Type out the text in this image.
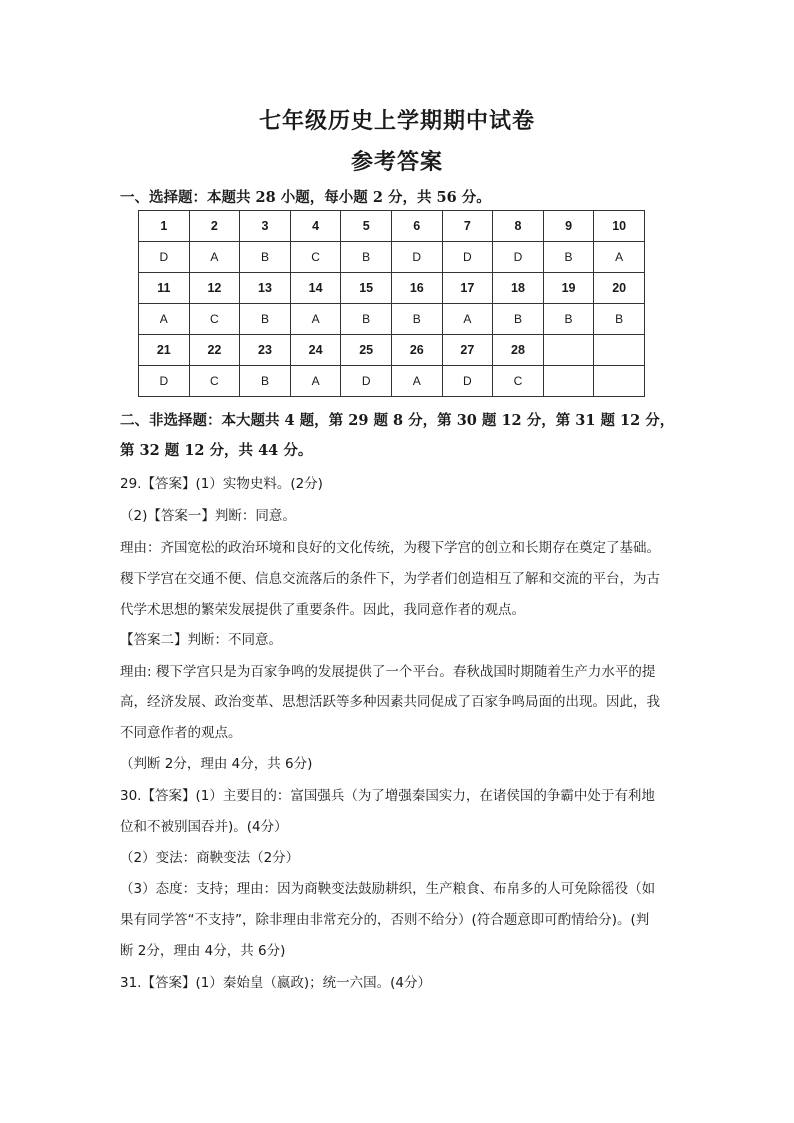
七年级历史上学期期中试卷
参考答案
一、选择题：本题共 28 小题，每小题 2 分，共 56 分。
1	2	3	4	5	6	7	8	9	10
D	A	B	C	B	D	D	D	B	A
11	12	13	14	15	16	17	18	19	20
A	C	B	A	B	B	A	B	B	B
21	22	23	24	25	26	27	28		
D	C	B	A	D	A	D	C		
二、非选择题：本大题共 4 题，第 29 题 8 分，第 30 题 12 分，第 31 题 12 分，
第 32 题 12 分，共 44 分。
29.【答案】(1）实物史料。(2分)
（2)【答案一】判断：同意。
理由：齐国宽松的政治环境和良好的文化传统，为稷下学宫的创立和长期存在奠定了基础。
稷下学宫在交通不便、信息交流落后的条件下，为学者们创造相互了解和交流的平台，为古
代学术思想的繁荣发展提供了重要条件。因此，我同意作者的观点。
【答案二】判断：不同意。
理由: 稷下学宫只是为百家争鸣的发展提供了一个平台。春秋战国时期随着生产力水平的提
高，经济发展、政治变革、思想活跃等多种因素共同促成了百家争鸣局面的出现。因此，我
不同意作者的观点。
（判断 2分，理由 4分，共 6分)
30.【答案】(1）主要目的：富国强兵（为了增强秦国实力，在诸侯国的争霸中处于有利地
位和不被别国吞并)。(4分）
（2）变法：商鞅变法（2分）
（3）态度：支持；理由：因为商鞅变法鼓励耕织，生产粮食、布帛多的人可免除徭役（如
果有同学答“不支持”，除非理由非常充分的，否则不给分）(符合题意即可酌情给分)。(判
断 2分，理由 4分，共 6分)
31.【答案】(1）秦始皇（嬴政)；统一六国。(4分）
